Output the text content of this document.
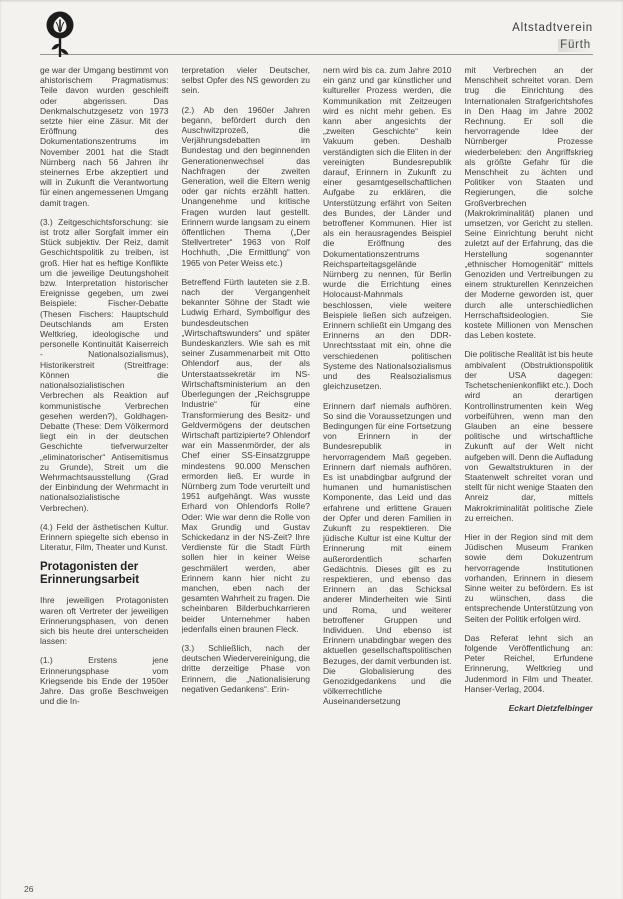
Altstadtverein
Fürth

ge war der Umgang bestimmt von ahistorischem Pragmatismus: Teile davon wurden geschleift oder abgerissen. Das Denkmalschutzgesetz von 1973 setzte hier eine Zäsur. Mit der Eröffnung des Dokumentationszentrums im November 2001 hat die Stadt Nürnberg nach 56 Jahren ihr steinernes Erbe akzeptiert und will in Zukunft die Verantwortung für einen angemessenen Umgang damit tragen.

(3.) Zeitgeschichtsforschung: sie ist trotz aller Sorgfalt immer ein Stück subjektiv. Der Reiz, damit Geschichtspolitik zu treiben, ist groß. Hier hat es heftige Konflikte um die jeweilige Deutungshoheit bzw. Interpretation historischer Ereignisse gegeben, um zwei Beispiele: Fischer-Debatte (Thesen Fischers: Hauptschuld Deutschlands am Ersten Weltkrieg, ideologische und personelle Kontinuität Kaiserreich - Nationalsozialismus), Historikerstreit (Streitfrage: Können die nationalsozialistischen Verbrechen als Reaktion auf kommunistische Verbrechen gesehen werden?), Goldhagen-Debatte (These: Dem Völkermord liegt ein in der deutschen Geschichte tiefverwurzelter „eliminatorischer“ Antisemitismus zu Grunde), Streit um die Wehrmachtsausstellung (Grad der Einbindung der Wehrmacht in nationalsozialistische Verbrechen).

(4.) Feld der ästhetischen Kultur. Erinnern spiegelte sich ebenso in Literatur, Film, Theater und Kunst.

Protagonisten der Erinnerungsarbeit

Ihre jeweiligen Protagonisten waren oft Vertreter der jeweiligen Erinnerungsphasen, von denen sich bis heute drei unterscheiden lassen:

(1.) Erstens jene Erinnerungsphase vom Kriegsende bis Ende der 1950er Jahre. Das große Beschweigen und die In-

terpretation vieler Deutscher, selbst Opfer des NS geworden zu sein.

(2.) Ab den 1960er Jahren begann, befördert durch den Auschwitzprozeß, die Verjährungsdebatten im Bundestag und den beginnenden Generationenwechsel das Nachfragen der zweiten Generation, weil die Eltern wenig oder gar nichts erzählt hatten. Unangenehme und kritische Fragen wurden laut gestellt. Erinnern wurde langsam zu einem öffentlichen Thema („Der Stellvertreter“ 1963 von Rolf Hochhuth, „Die Ermittlung“ von 1965 von Peter Weiss etc.)

Betreffend Fürth lauteten sie z.B. nach der Vergangenheit bekannter Söhne der Stadt wie Ludwig Erhard, Symbolfigur des bundesdeutschen „Wirtschaftswunders“ und später Bundeskanzlers. Wie sah es mit seiner Zusammenarbeit mit Otto Ohlendorf aus, der als Unterstaatssekretär im NS-Wirtschaftsministerium an den Überlegungen der „Reichsgruppe Industrie“ für eine Transformierung des Besitz- und Geldvermögens der deutschen Wirtschaft partizipierte? Ohlendorf war ein Massenmörder, der als Chef einer SS-Einsatzgruppe mindestens 90.000 Menschen ermorden ließ. Er wurde in Nürnberg zum Tode verurteilt und 1951 aufgehängt. Was wusste Erhard von Ohlendorfs Rolle? Oder: Wie war denn die Rolle von Max Grundig und Gustav Schickedanz in der NS-Zeit? Ihre Verdienste für die Stadt Fürth sollen hier in keiner Weise geschmälert werden, aber Erinnern kann hier nicht zu manchen, eben nach der gesamten Wahrheit zu fragen. Die scheinbaren Bilderbuchkarrieren beider Unternehmer haben jedenfalls einen braunen Fleck.

(3.) Schließlich, nach der deutschen Wiedervereinigung, die dritte derzeitige Phase von Erinnern, die „Nationalisierung negativen Gedankens“. Erin-

nern wird bis ca. zum Jahre 2010 ein ganz und gar künstlicher und kultureller Prozess werden, die Kommunikation mit Zeitzeugen wird es nicht mehr geben. Es kann aber angesichts der „zweiten Geschichte“ kein Vakuum geben. Deshalb verständigten sich die Eliten in der vereinigten Bundesrepublik darauf, Erinnern in Zukunft zu einer gesamtgesellschaftlichen Aufgabe zu erklären, die Unterstützung erfährt von Seiten des Bundes, der Länder und betroffener Kommunen. Hier ist als ein herausragendes Beispiel die Eröffnung des Dokumentationszentrums Reichsparteitagsgelände Nürnberg zu nennen, für Berlin wurde die Errichtung eines Holocaust-Mahnmals beschlossen, viele weitere Beispiele ließen sich aufzeigen. Erinnern schließt ein Umgang des Erinnerns an den DDR-Unrechtsstaat mit ein, ohne die verschiedenen politischen Systeme des Nationalsozialismus und des Realsozialismus gleichzusetzen.

Erinnern darf niemals aufhören. So sind die Voraussetzungen und Bedingungen für eine Fortsetzung von Erinnern in der Bundesrepublik in hervorragendem Maß gegeben. Erinnern darf niemals aufhören. Es ist unabdingbar aufgrund der humanen und humanistischen Komponente, das Leid und das erfahrene und erlittene Grauen der Opfer und deren Familien in Zukunft zu respektieren. Die jüdische Kultur ist eine Kultur der Erinnerung mit einem außerordentlich scharfen Gedächtnis. Dieses gilt es zu respektieren, und ebenso das Erinnern an das Schicksal anderer Minderheiten wie Sinti und Roma, und weiterer betroffener Gruppen und Individuen. Und ebenso ist Erinnern unabdingbar wegen des aktuellen gesellschaftspolitischen Bezuges, der damit verbunden ist. Die Globalisierung des Genozidgedankens und die völkerrechtliche Auseinandersetzung

mit Verbrechen an der Menschheit schreitet voran. Dem trug die Einrichtung des Internationalen Strafgerichtshofes in Den Haag im Jahre 2002 Rechnung. Er soll die hervorragende Idee der Nürnberger Prozesse wiederbeleben: den Angriffskrieg als größte Gefahr für die Menschheit zu ächten und Politiker von Staaten und Regierungen, die solche Großverbrechen (Makrokriminalität) planen und umsetzen, vor Gericht zu stellen. Seine Einrichtung beruht nicht zuletzt auf der Erfahrung, das die Herstellung sogenannter „ethnischer Homogenität“ mittels Genoziden und Vertreibungen zu einem strukturellen Kennzeichen der Moderne geworden ist, quer durch alle unterschiedlichen Herrschaftsideologien. Sie kostete Millionen von Menschen das Leben kostete.

Die politische Realität ist bis heute ambivalent (Obstruktionspolitik der USA dagegen: Tschetschenienkonflikt etc.). Doch wird an derartigen Kontrollinstrumenten kein Weg vorbeiführen, wenn man den Glauben an eine bessere politische und wirtschaftliche Zukunft auf der Welt nicht aufgeben will. Denn die Aufladung von Gewaltstrukturen in der Staatenwelt schreitet voran und stellt für nicht wenige Staaten den Anreiz dar, mittels Makrokriminalität politische Ziele zu erreichen.

Hier in der Region sind mit dem Jüdischen Museum Franken sowie dem Dokuzentrum hervorragende Institutionen vorhanden, Erinnern in diesem Sinne weiter zu befördern. Es ist zu wünschen, dass die entsprechende Unterstützung von Seiten der Politik erfolgen wird.

Das Referat lehnt sich an folgende Veröffentlichung an: Peter Reichel, Erfundene Erinnerung, Weltkrieg und Judenmord in Film und Theater. Hanser-Verlag, 2004.

Eckart Dietzfelbinger

26
